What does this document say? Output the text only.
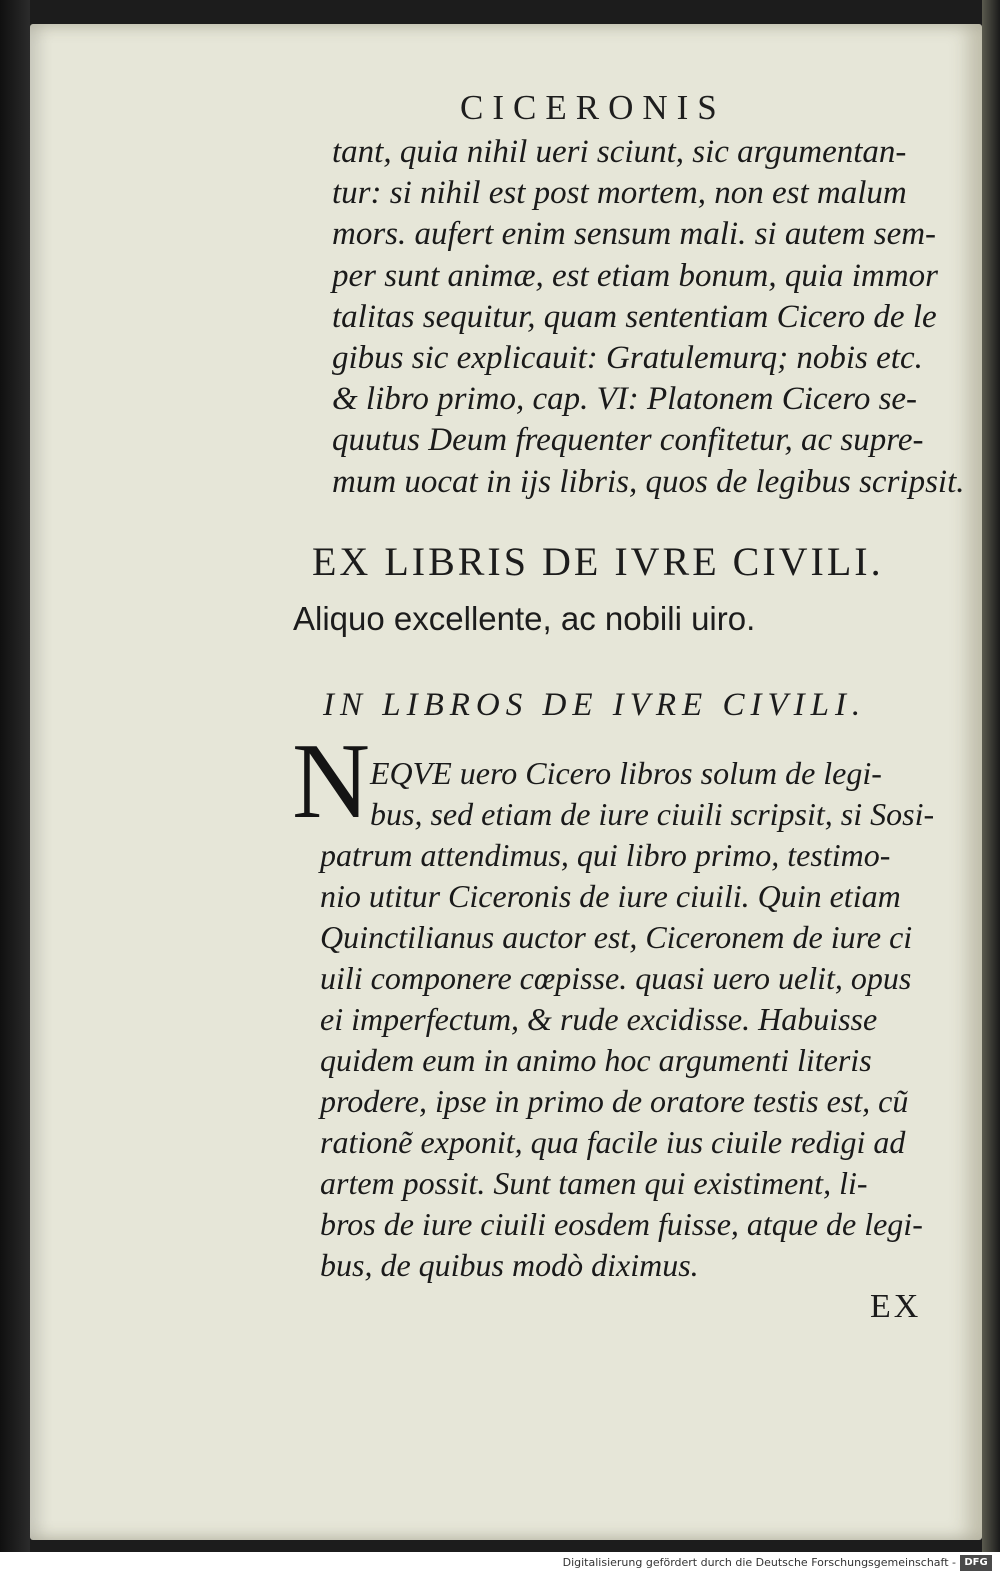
CICERONIS
tant, quia nihil ueri sciunt, sic argumentan-
tur: si nihil est post mortem, non est malum
mors. aufert enim sensum mali. si autem sem-
per sunt animæ, est etiam bonum, quia immor
talitas sequitur, quam sententiam Cicero de le
gibus sic explicauit: Gratulemurq; nobis etc.
& libro primo, cap. VI: Platonem Cicero se-
quutus Deum frequenter confitetur, ac supre-
mum uocat in ijs libris, quos de legibus scripsit.
EX LIBRIS DE IVRE CIVILI.
Aliquo excellente, ac nobili uiro.
IN LIBROS DE IVRE CIVILI.
N EQVE uero Cicero libros solum de legi-
bus, sed etiam de iure ciuili scripsit, si Sosi-
patrum attendimus, qui libro primo, testimo-
nio utitur Ciceronis de iure ciuili. Quin etiam
Quinctilianus auctor est, Ciceronem de iure ci
uili componere cœpisse. quasi uero uelit, opus
ei imperfectum, & rude excidisse. Habuisse
quidem eum in animo hoc argumenti literis
prodere, ipse in primo de oratore testis est, cũ
rationẽ exponit, qua facile ius ciuile redigi ad
artem possit. Sunt tamen qui existiment, li-
bros de iure ciuili eosdem fuisse, atque de legi-
bus, de quibus modò diximus.
EX
Digitalisierung gefördert durch die Deutsche Forschungsgemeinschaft - DFG
